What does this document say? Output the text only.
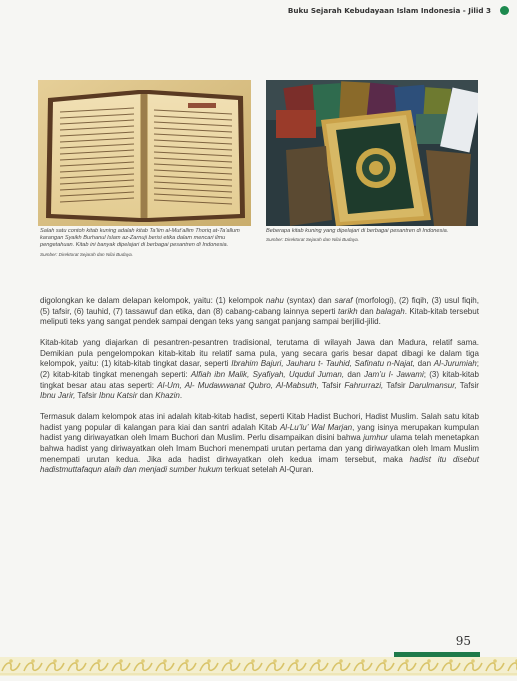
Buku Sejarah Kebudayaan Islam Indonesia - Jilid 3
Salah satu contoh kitab kuning adalah kitab Ta’lim al-Mut’allim Thoriq at-Ta’allum karangan Syaikh Burhanul Islam az-Zarnuji berisi etika dalam mencari ilmu pengetahuan. Kitab ini banyak dipelajari di berbagai pesantren di Indonesia.
Sumber: Direktorat Sejarah dan Nilai Budaya.
Beberapa kitab kuning yang dipelajari di berbagai pesantren di Indonesia.
Sumber: Direktorat Sejarah dan Nilai Budaya.

digolongkan ke dalam delapan kelompok, yaitu: (1) kelompok nahu (syntax) dan saraf (morfologi), (2) fiqih, (3) usul fiqih, (5) tafsir, (6) tauhid, (7) tassawuf dan etika, dan (8) cabang-cabang lainnya seperti tarikh dan balagah. Kitab-kitab tersebut meliputi teks yang sangat pendek sampai dengan teks yang sangat panjang sampai berjilid-jilid.

Kitab-kitab yang diajarkan di pesantren-pesantren tradisional, terutama di wilayah Jawa dan Madura, relatif sama. Demikian pula pengelompokan kitab-kitab itu relatif sama pula, yang secara garis besar dapat dibagi ke dalam tiga kelompok, yaitu: (1) kitab-kitab tingkat dasar, seperti Ibrahim Bajuri, Jauharu t- Tauhid, Safinatu n-Najat, dan Al-Jurumiah; (2) kitab-kitab tingkat menengah seperti: Alfiah ibn Malik, Syafiyah, Uqudul Juman, dan Jam’u l- Jawami; (3) kitab-kitab tingkat besar atau atas seperti: Al-Um, Al- Mudawwanat Qubro, Al-Mabsuth, Tafsir Fahrurrazi, Tafsir Darulmansur, Tafsir Ibnu Jarir, Tafsir Ibnu Katsir dan Khazin.

Termasuk dalam kelompok atas ini adalah kitab-kitab hadist, seperti Kitab Hadist Buchori, Hadist Muslim. Salah satu kitab hadist yang popular di kalangan para kiai dan santri adalah Kitab Al-Lu’lu’ Wal Marjan, yang isinya merupakan kumpulan hadist yang diriwayatkan oleh Imam Buchori dan Muslim. Perlu disampaikan disini bahwa jumhur ulama telah menetapkan bahwa hadist yang diriwayatkan oleh Imam Buchori menempati urutan pertama dan yang diriwayatkan oleh Imam Muslim menempati urutan kedua. Jika ada hadist diriwayatkan oleh kedua imam tersebut, maka hadist itu disebut hadistmuttafaqun alaih dan menjadi sumber hukum terkuat setelah Al-Quran.

95
